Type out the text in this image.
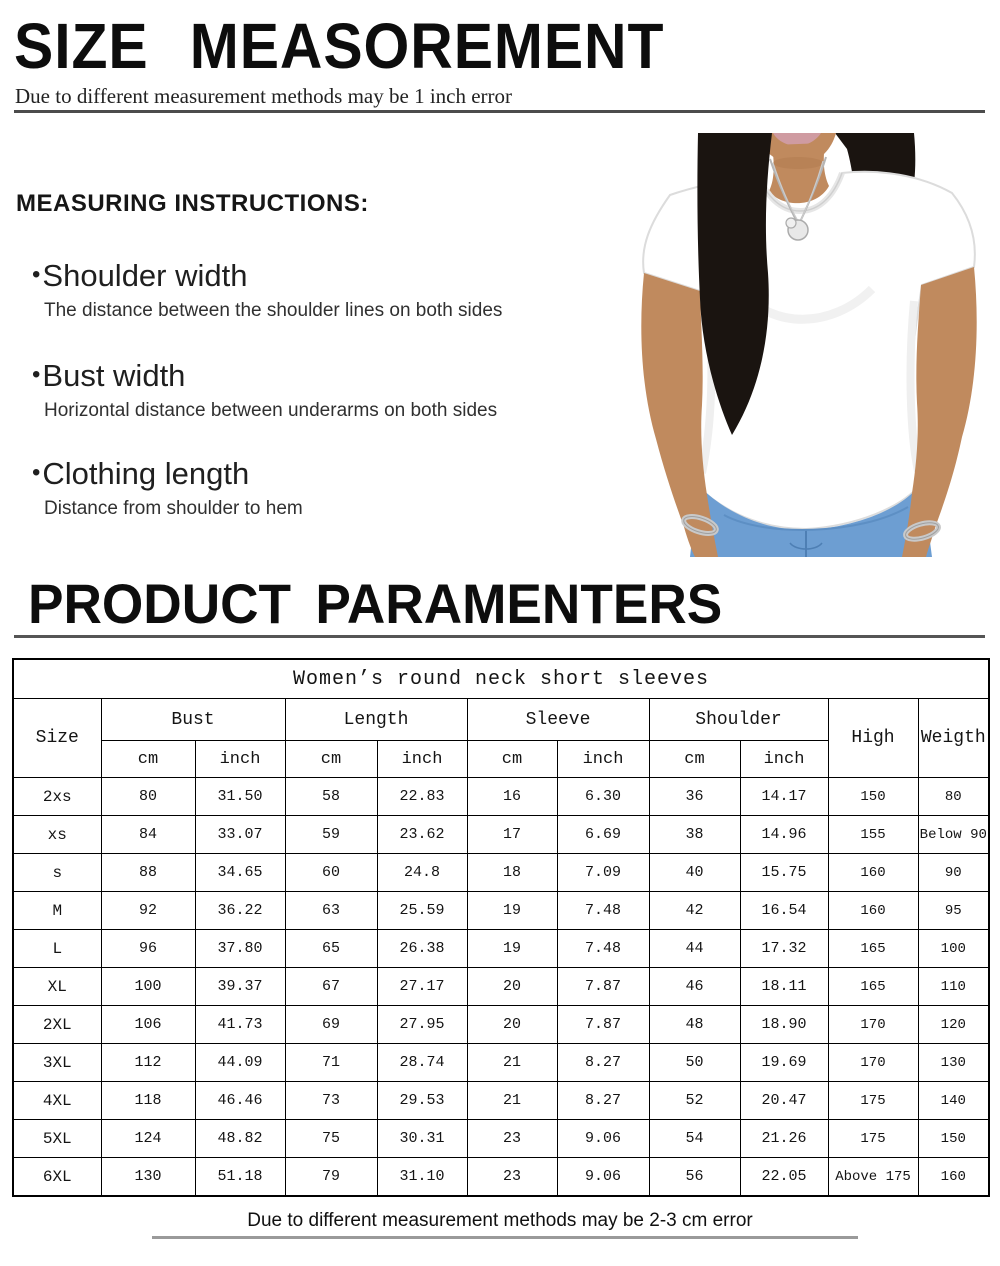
SIZE MEASOREMENT
Due to different measurement methods may be 1 inch error
MEASURING INSTRUCTIONS:
• Shoulder width
The distance between the shoulder lines on both sides
• Bust width
Horizontal distance between underarms on both sides
• Clothing length
Distance from shoulder to hem
PRODUCT PARAMENTERS
Women’s round neck short sleeves										
Size	Bust		Length		Sleeve		Shoulder		High	Weigth
	cm	inch	cm	inch	cm	inch	cm	inch		
2xs	80	31.50	58	22.83	16	6.30	36	14.17	150	80
xs	84	33.07	59	23.62	17	6.69	38	14.96	155	Below 90
s	88	34.65	60	24.8	18	7.09	40	15.75	160	90
M	92	36.22	63	25.59	19	7.48	42	16.54	160	95
L	96	37.80	65	26.38	19	7.48	44	17.32	165	100
XL	100	39.37	67	27.17	20	7.87	46	18.11	165	110
2XL	106	41.73	69	27.95	20	7.87	48	18.90	170	120
3XL	112	44.09	71	28.74	21	8.27	50	19.69	170	130
4XL	118	46.46	73	29.53	21	8.27	52	20.47	175	140
5XL	124	48.82	75	30.31	23	9.06	54	21.26	175	150
6XL	130	51.18	79	31.10	23	9.06	56	22.05	Above 175	160
Due to different measurement methods may be 2-3 cm error
